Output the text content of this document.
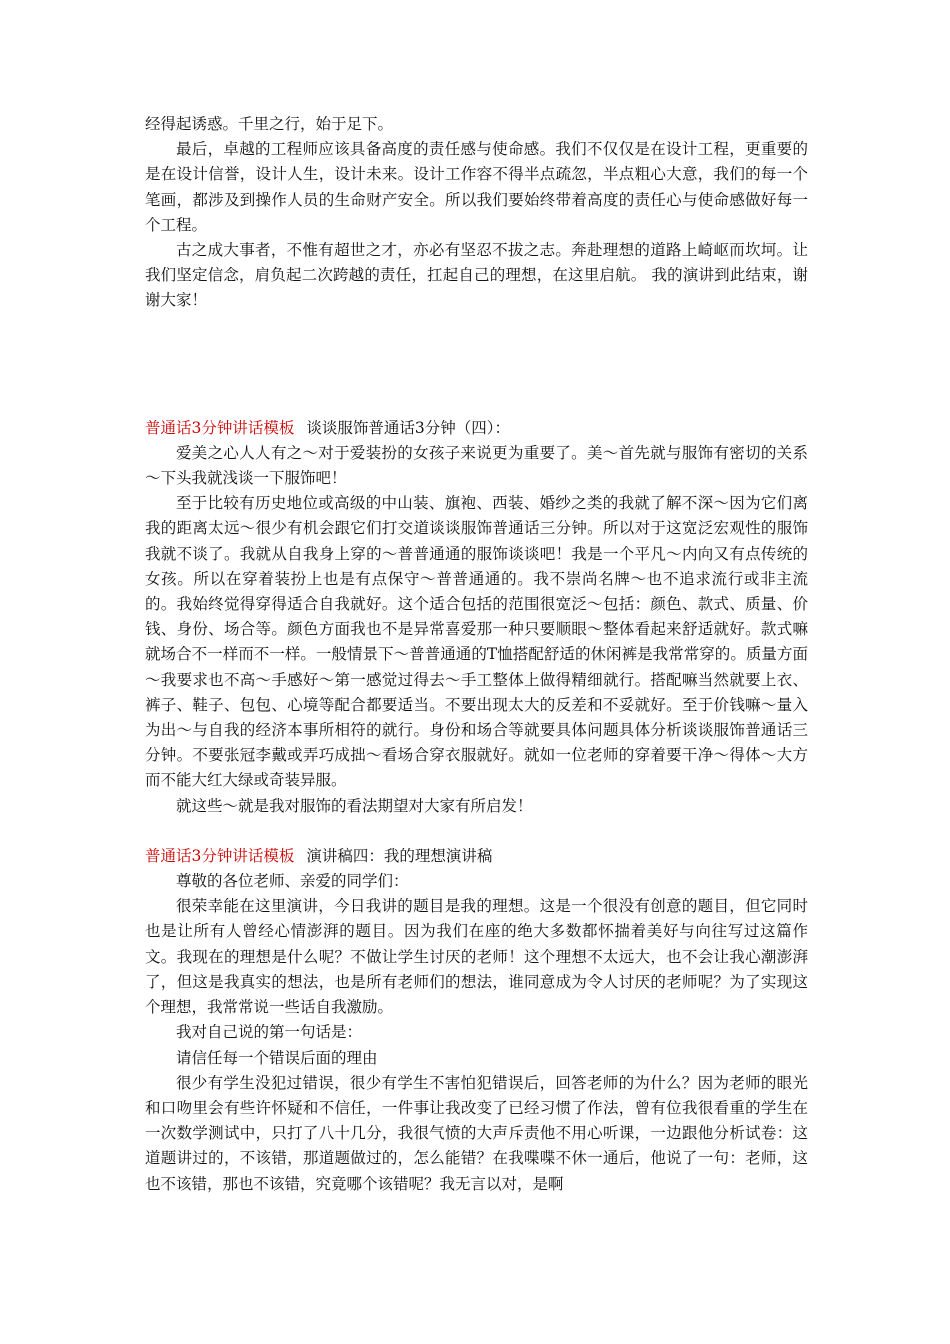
经得起诱惑。千里之行，始于足下。

最后，卓越的工程师应该具备高度的责任感与使命感。我们不仅仅是在设计工程，更重要的是在设计信誉，设计人生，设计未来。设计工作容不得半点疏忽，半点粗心大意，我们的每一个笔画，都涉及到操作人员的生命财产安全。所以我们要始终带着高度的责任心与使命感做好每一个工程。

古之成大事者，不惟有超世之才，亦必有坚忍不拔之志。奔赴理想的道路上崎岖而坎坷。让我们坚定信念，肩负起二次跨越的责任，扛起自己的理想，在这里启航。 我的演讲到此结束，谢谢大家！

普通话3分钟讲话模板 谈谈服饰普通话3分钟（四）：

爱美之心人人有之～对于爱装扮的女孩子来说更为重要了。美～首先就与服饰有密切的关系～下头我就浅谈一下服饰吧！

至于比较有历史地位或高级的中山装、旗袍、西装、婚纱之类的我就了解不深～因为它们离我的距离太远～很少有机会跟它们打交道谈谈服饰普通话三分钟。所以对于这宽泛宏观性的服饰我就不谈了。我就从自我身上穿的～普普通通的服饰谈谈吧！我是一个平凡～内向又有点传统的女孩。所以在穿着装扮上也是有点保守～普普通通的。我不崇尚名牌～也不追求流行或非主流的。我始终觉得穿得适合自我就好。这个适合包括的范围很宽泛～包括：颜色、款式、质量、价钱、身份、场合等。颜色方面我也不是异常喜爱那一种只要顺眼～整体看起来舒适就好。款式嘛就场合不一样而不一样。一般情景下～普普通通的T恤搭配舒适的休闲裤是我常常穿的。质量方面～我要求也不高～手感好～第一感觉过得去～手工整体上做得精细就行。搭配嘛当然就要上衣、裤子、鞋子、包包、心境等配合都要适当。不要出现太大的反差和不妥就好。至于价钱嘛～量入为出～与自我的经济本事所相符的就行。身份和场合等就要具体问题具体分析谈谈服饰普通话三分钟。不要张冠李戴或弄巧成拙～看场合穿衣服就好。就如一位老师的穿着要干净～得体～大方而不能大红大绿或奇装异服。

就这些～就是我对服饰的看法期望对大家有所启发！

普通话3分钟讲话模板 演讲稿四：我的理想演讲稿

尊敬的各位老师、亲爱的同学们：

很荣幸能在这里演讲，今日我讲的题目是我的理想。这是一个很没有创意的题目，但它同时也是让所有人曾经心情澎湃的题目。因为我们在座的绝大多数都怀揣着美好与向往写过这篇作文。我现在的理想是什么呢？不做让学生讨厌的老师！这个理想不太远大，也不会让我心潮澎湃了，但这是我真实的想法，也是所有老师们的想法，谁同意成为令人讨厌的老师呢？为了实现这个理想，我常常说一些话自我激励。

我对自己说的第一句话是：

请信任每一个错误后面的理由

很少有学生没犯过错误，很少有学生不害怕犯错误后，回答老师的为什么？因为老师的眼光和口吻里会有些许怀疑和不信任，一件事让我改变了已经习惯了作法，曾有位我很看重的学生在一次数学测试中，只打了八十几分，我很气愤的大声斥责他不用心听课，一边跟他分析试卷：这道题讲过的，不该错，那道题做过的，怎么能错？在我喋喋不休一通后，他说了一句：老师，这也不该错，那也不该错，究竟哪个该错呢？我无言以对，是啊
